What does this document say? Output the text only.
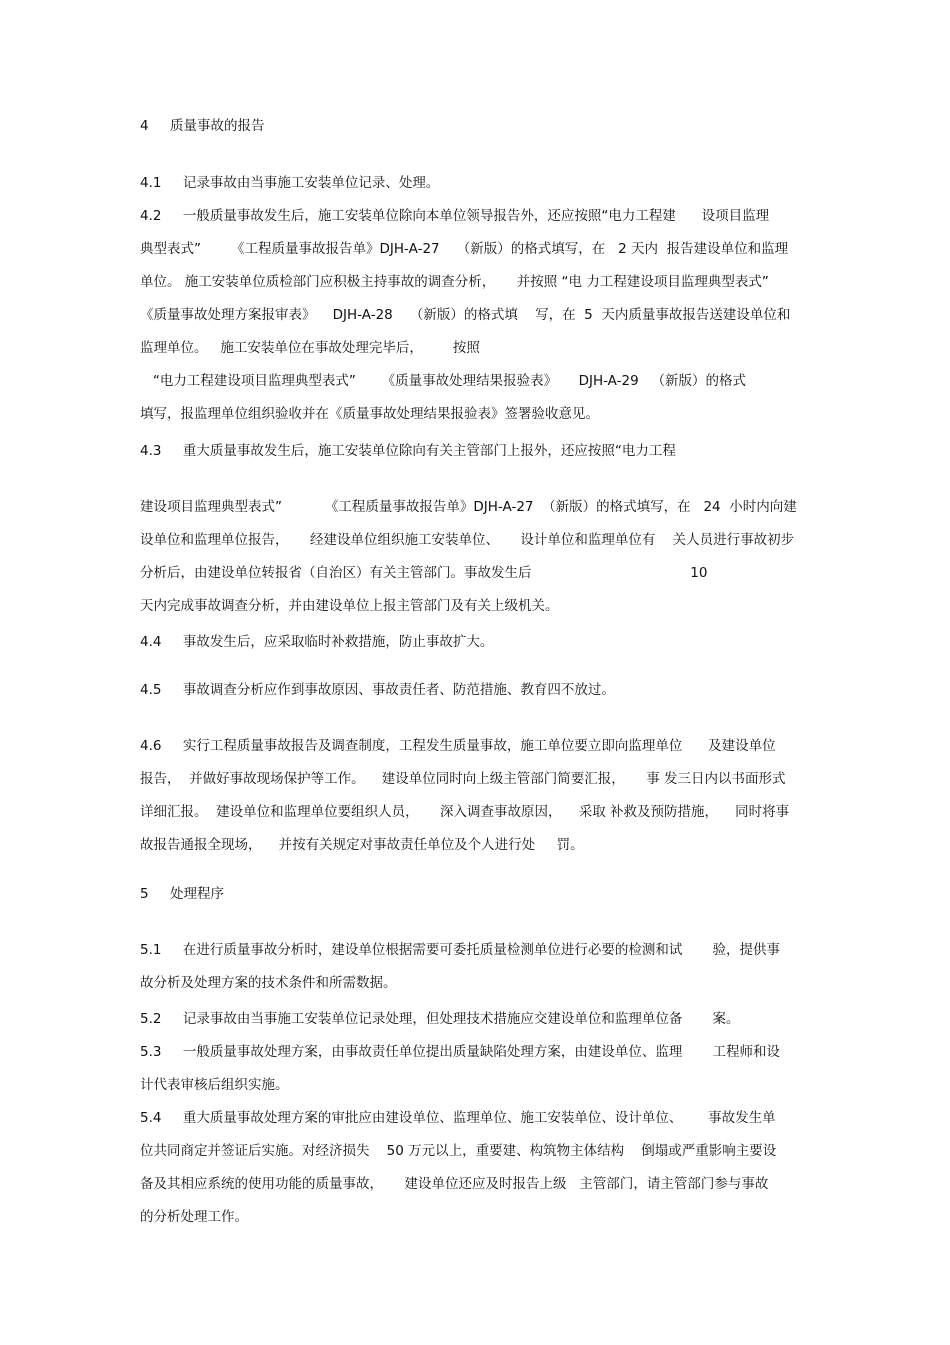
4     质量事故的报告
4.1     记录事故由当事施工安装单位记录、处理。
4.2     一般质量事故发生后，施工安装单位除向本单位领导报告外，还应按照“电力工程建      设项目监理
典型表式”       《工程质量事故报告单》DJH-A-27    （新版）的格式填写，在   2 天内  报告建设单位和监理
单位。 施工安装单位质检部门应积极主持事故的调查分析，     并按照 “电 力工程建设项目监理典型表式”
《质量事故处理方案报审表》    DJH-A-28    （新版）的格式填    写，在  5  天内质量事故报告送建设单位和
监理单位。   施工安装单位在事故处理完毕后，       按照
“电力工程建设项目监理典型表式”      《质量事故处理结果报验表》     DJH-A-29   （新版）的格式
填写，报监理单位组织验收并在《质量事故处理结果报验表》签署验收意见。
4.3     重大质量事故发生后，施工安装单位除向有关主管部门上报外，还应按照“电力工程
建设项目监理典型表式”          《工程质量事故报告单》DJH-A-27  （新版）的格式填写，在   24  小时内向建
设单位和监理单位报告，     经建设单位组织施工安装单位、     设计单位和监理单位有    关人员进行事故初步
分析后，由建设单位转报省（自治区）有关主管部门。事故发生后                                     10
天内完成事故调查分析，并由建设单位上报主管部门及有关上级机关。
4.4     事故发生后，应采取临时补救措施，防止事故扩大。
4.5     事故调查分析应作到事故原因、事故责任者、防范措施、教育四不放过。
4.6     实行工程质量事故报告及调查制度，工程发生质量事故，施工单位要立即向监理单位      及建设单位
报告，  并做好事故现场保护等工作。    建设单位同时向上级主管部门简要汇报，     事 发三日内以书面形式
详细汇报。  建设单位和监理单位要组织人员，     深入调查事故原因，    采取 补救及预防措施，    同时将事
故报告通报全现场，    并按有关规定对事故责任单位及个人进行处     罚。
5     处理程序
5.1     在进行质量事故分析时，建设单位根据需要可委托质量检测单位进行必要的检测和试       验，提供事
故分析及处理方案的技术条件和所需数据。
5.2     记录事故由当事施工安装单位记录处理，但处理技术措施应交建设单位和监理单位备       案。
5.3     一般质量事故处理方案，由事故责任单位提出质量缺陷处理方案，由建设单位、监理       工程师和设
计代表审核后组织实施。
5.4     重大质量事故处理方案的审批应由建设单位、监理单位、施工安装单位、设计单位、      事故发生单
位共同商定并签证后实施。对经济损失    50 万元以上，重要建、构筑物主体结构    倒塌或严重影响主要设
备及其相应系统的使用功能的质量事故，     建设单位还应及时报告上级   主管部门，请主管部门参与事故
的分析处理工作。
